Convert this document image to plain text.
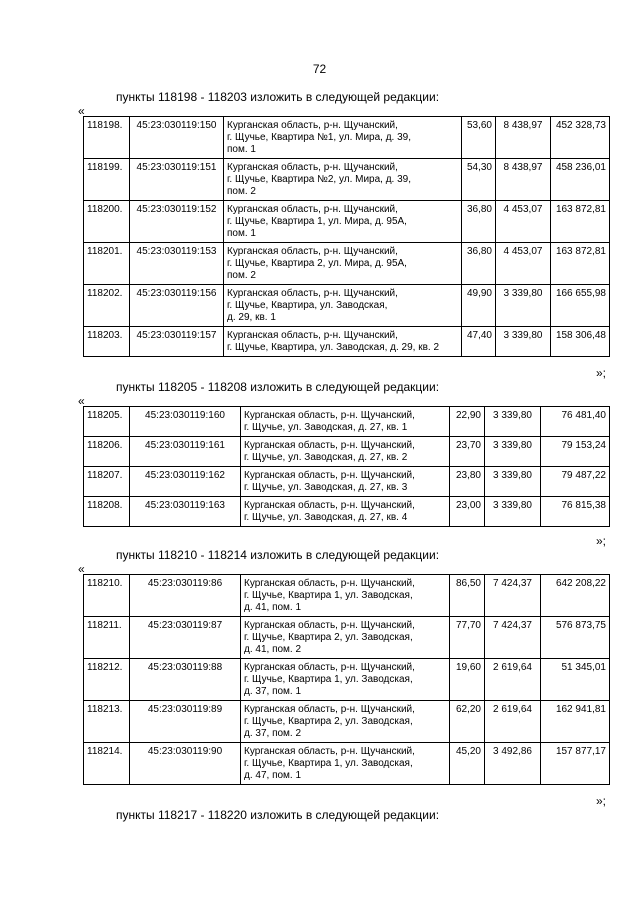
72
пункты 118198 - 118203 изложить в следующей редакции:
«
118198.	45:23:030119:150	Курганская область, р-н. Щучанский,
г. Щучье, Квартира №1, ул. Мира, д. 39,
пом. 1	53,60	8 438,97	452 328,73
118199.	45:23:030119:151	Курганская область, р-н. Щучанский,
г. Щучье, Квартира №2, ул. Мира, д. 39,
пом. 2	54,30	8 438,97	458 236,01
118200.	45:23:030119:152	Курганская область, р-н. Щучанский,
г. Щучье, Квартира 1, ул. Мира, д. 95А,
пом. 1	36,80	4 453,07	163 872,81
118201.	45:23:030119:153	Курганская область, р-н. Щучанский,
г. Щучье, Квартира 2, ул. Мира, д. 95А,
пом. 2	36,80	4 453,07	163 872,81
118202.	45:23:030119:156	Курганская область, р-н. Щучанский,
г. Щучье, Квартира, ул. Заводская,
д. 29, кв. 1	49,90	3 339,80	166 655,98
118203.	45:23:030119:157	Курганская область, р-н. Щучанский,
г. Щучье, Квартира, ул. Заводская, д. 29, кв. 2	47,40	3 339,80	158 306,48
»;
пункты 118205 - 118208 изложить в следующей редакции:
«
118205.	45:23:030119:160	Курганская область, р-н. Щучанский,
г. Щучье, ул. Заводская, д. 27, кв. 1	22,90	3 339,80	76 481,40
118206.	45:23:030119:161	Курганская область, р-н. Щучанский,
г. Щучье, ул. Заводская, д. 27, кв. 2	23,70	3 339,80	79 153,24
118207.	45:23:030119:162	Курганская область, р-н. Щучанский,
г. Щучье, ул. Заводская, д. 27, кв. 3	23,80	3 339,80	79 487,22
118208.	45:23:030119:163	Курганская область, р-н. Щучанский,
г. Щучье, ул. Заводская, д. 27, кв. 4	23,00	3 339,80	76 815,38
»;
пункты 118210 - 118214 изложить в следующей редакции:
«
118210.	45:23:030119:86	Курганская область, р-н. Щучанский,
г. Щучье, Квартира 1, ул. Заводская,
д. 41, пом. 1	86,50	7 424,37	642 208,22
118211.	45:23:030119:87	Курганская область, р-н. Щучанский,
г. Щучье, Квартира 2, ул. Заводская,
д. 41, пом. 2	77,70	7 424,37	576 873,75
118212.	45:23:030119:88	Курганская область, р-н. Щучанский,
г. Щучье, Квартира 1, ул. Заводская,
д. 37, пом. 1	19,60	2 619,64	51 345,01
118213.	45:23:030119:89	Курганская область, р-н. Щучанский,
г. Щучье, Квартира 2, ул. Заводская,
д. 37, пом. 2	62,20	2 619,64	162 941,81
118214.	45:23:030119:90	Курганская область, р-н. Щучанский,
г. Щучье, Квартира 1, ул. Заводская,
д. 47, пом. 1	45,20	3 492,86	157 877,17
»;
пункты 118217 - 118220 изложить в следующей редакции:
